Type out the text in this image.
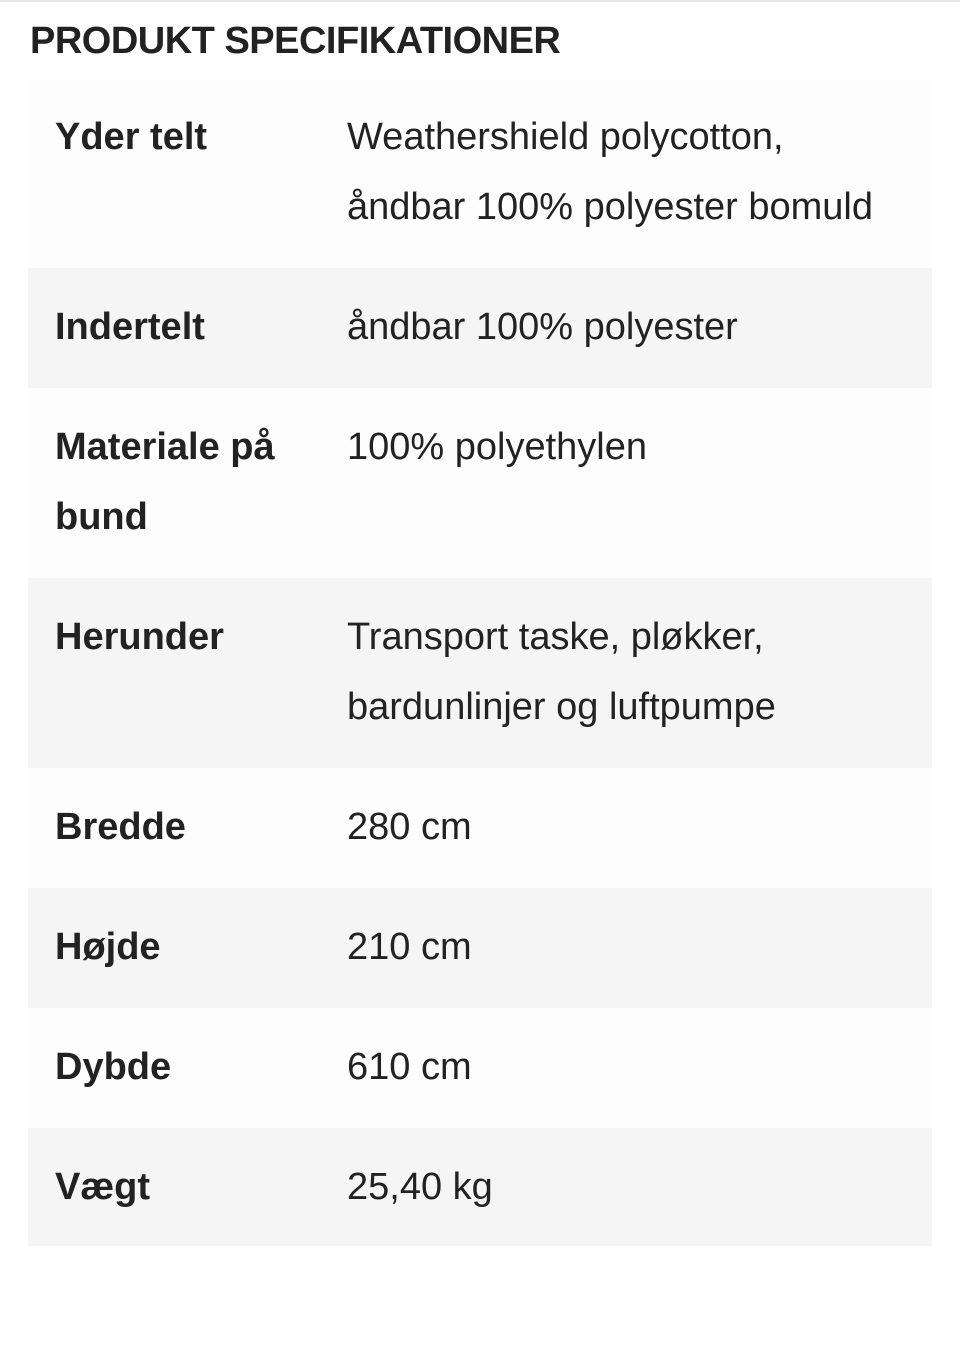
PRODUKT SPECIFIKATIONER
Yder telt	Weathershield polycotton, åndbar 100% polyester bomuld
Indertelt	åndbar 100% polyester
Materiale på bund	100% polyethylen
Herunder	Transport taske, pløkker, bardunlinjer og luftpumpe
Bredde	280 cm
Højde	210 cm
Dybde	610 cm
Vægt	25,40 kg
